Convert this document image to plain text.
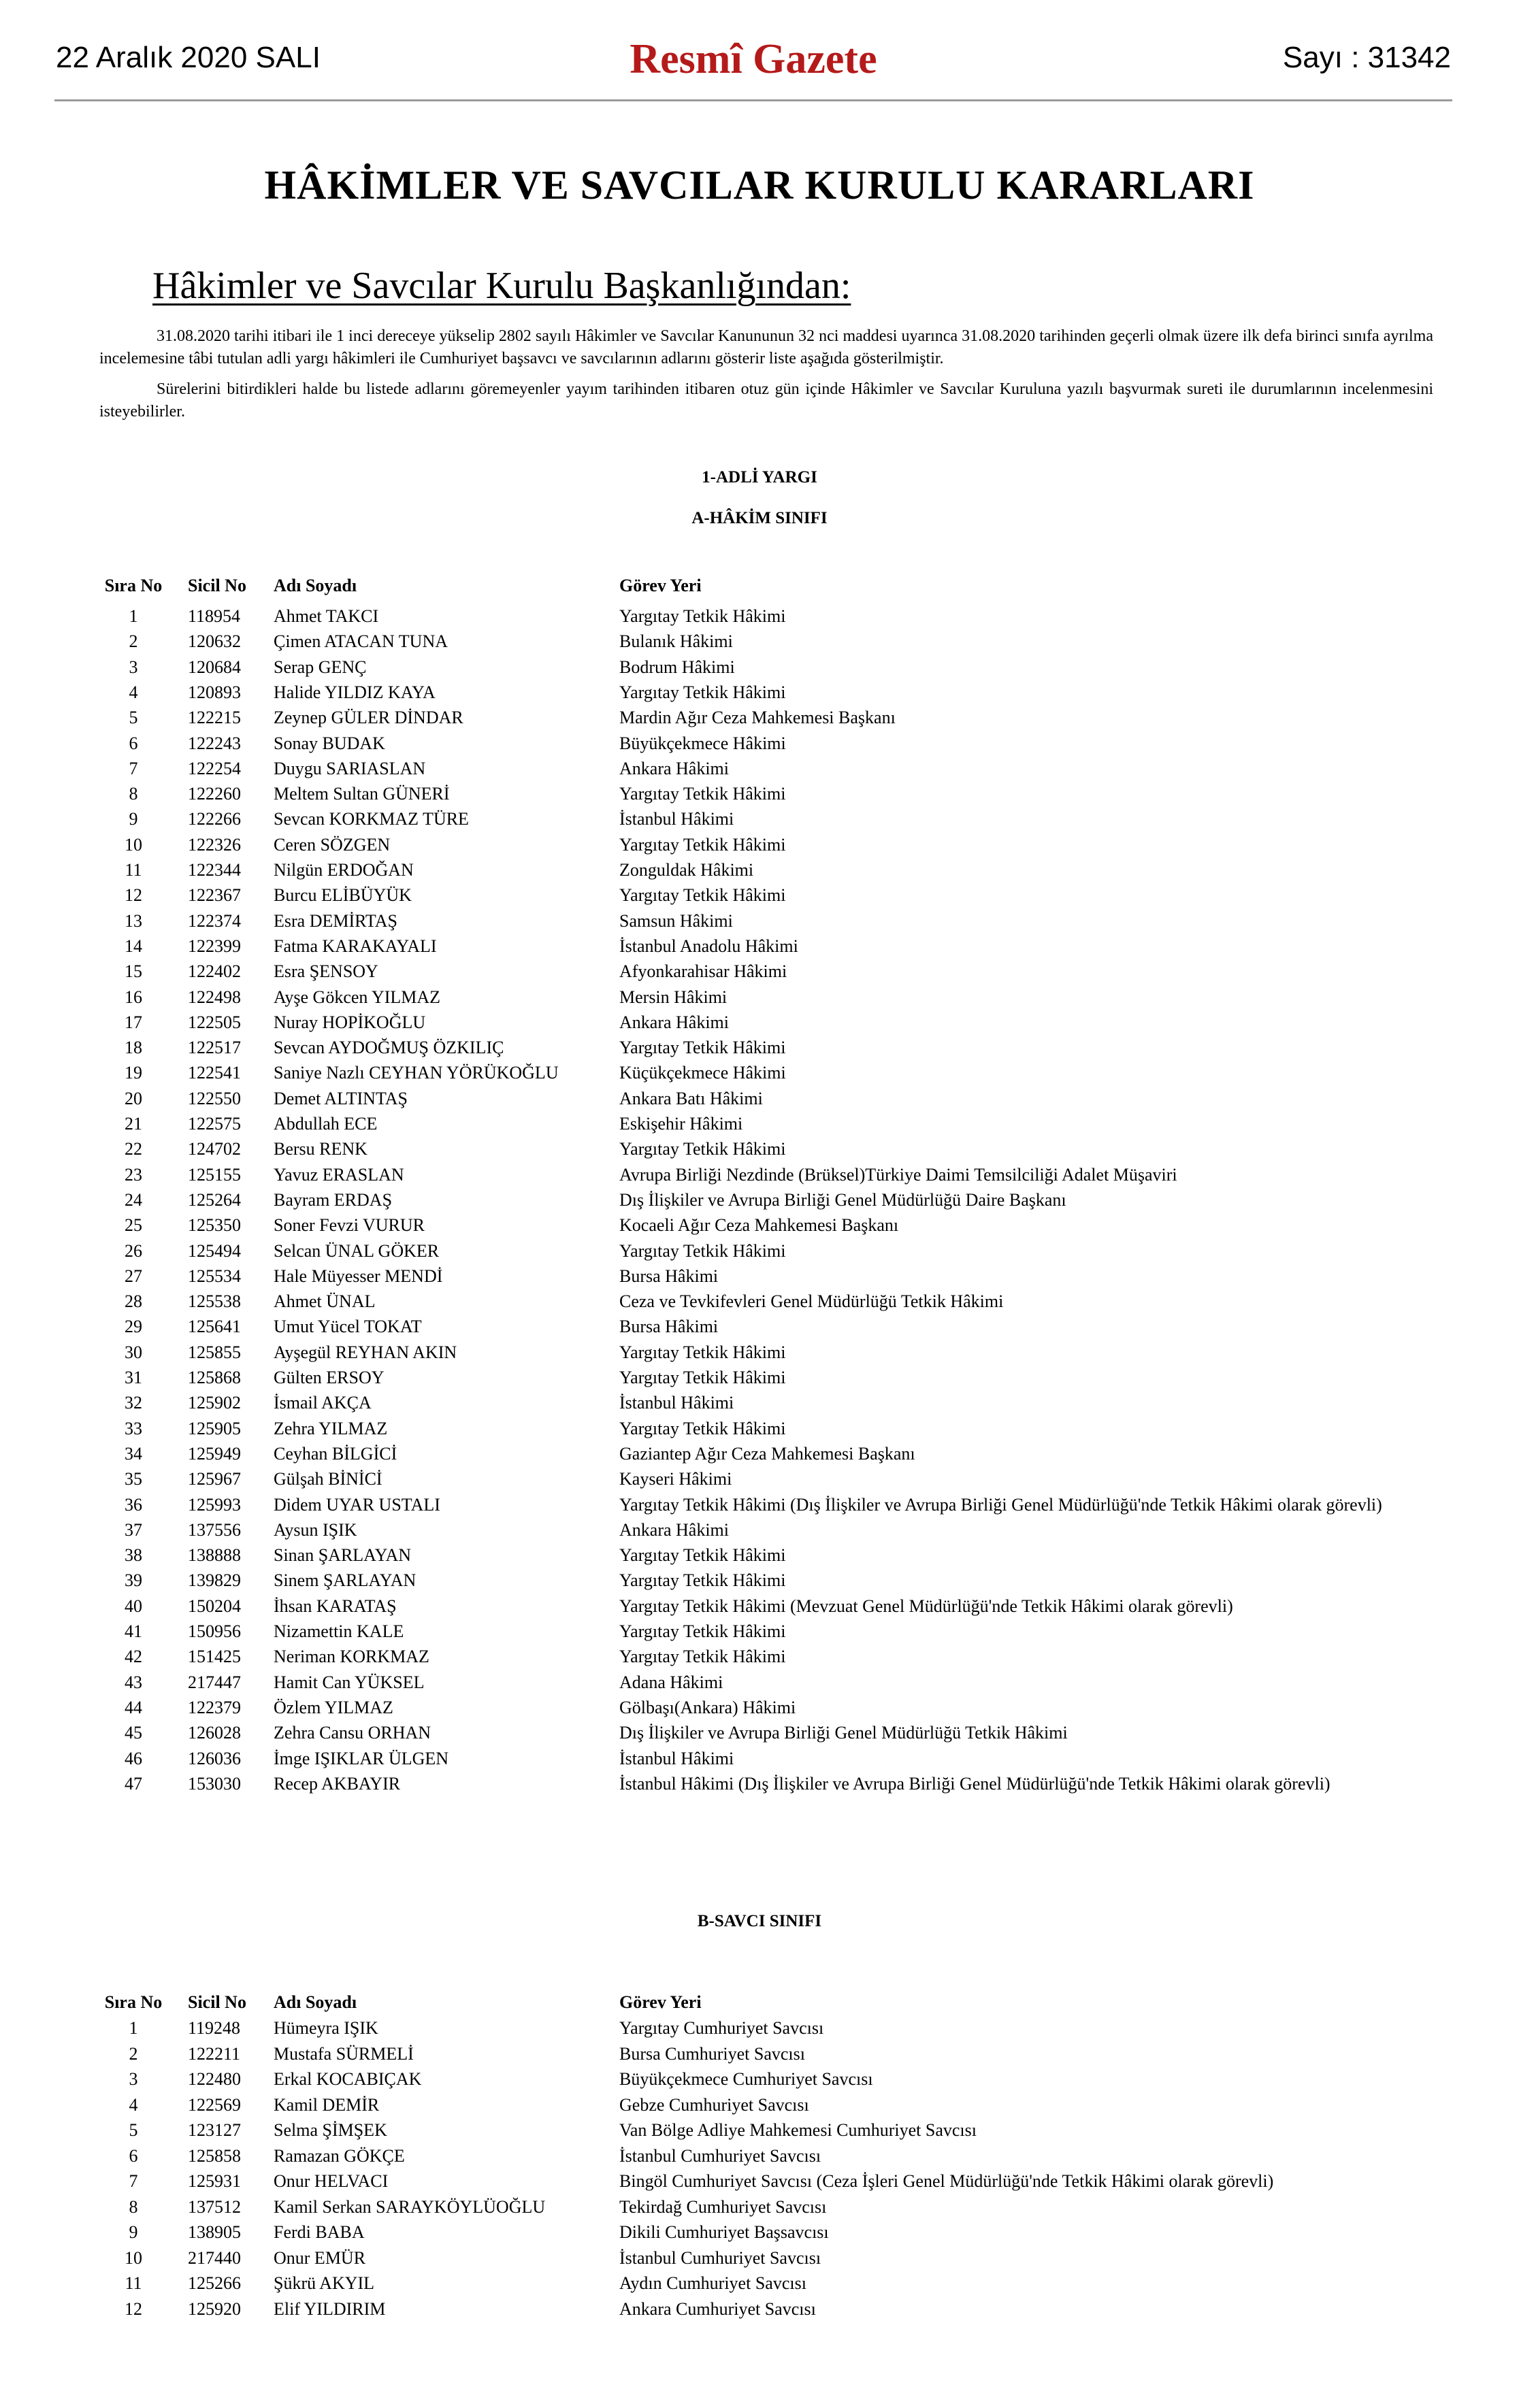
22 Aralık 2020 SALI	Resmî Gazete	Sayı : 31342
HÂKİMLER VE SAVCILAR KURULU KARARLARI
Hâkimler ve Savcılar Kurulu Başkanlığından:
31.08.2020 tarihi itibari ile 1 inci dereceye yükselip 2802 sayılı Hâkimler ve Savcılar Kanununun 32 nci maddesi uyarınca 31.08.2020 tarihinden geçerli olmak üzere ilk defa birinci sınıfa ayrılma incelemesine tâbi tutulan adli yargı hâkimleri ile Cumhuriyet başsavcı ve savcılarının adlarını gösterir liste aşağıda gösterilmiştir.
Sürelerini bitirdikleri halde bu listede adlarını göremeyenler yayım tarihinden itibaren otuz gün içinde Hâkimler ve Savcılar Kuruluna yazılı başvurmak sureti ile durumlarının incelenmesini isteyebilirler.
1-ADLİ YARGI
A-HÂKİM SINIFI
Sıra No Sicil No Adı Soyadı	Görev Yeri
1	118954 Ahmet TAKCI	Yargıtay Tetkik Hâkimi
2	120632 Çimen ATACAN TUNA	Bulanık Hâkimi
3	120684 Serap GENÇ	Bodrum Hâkimi
4	120893 Halide YILDIZ KAYA	Yargıtay Tetkik Hâkimi
5	122215 Zeynep GÜLER DİNDAR	Mardin Ağır Ceza Mahkemesi Başkanı
6	122243 Sonay BUDAK	Büyükçekmece Hâkimi
7	122254 Duygu SARIASLAN	Ankara Hâkimi
8	122260 Meltem Sultan GÜNERİ	Yargıtay Tetkik Hâkimi
9	122266 Sevcan KORKMAZ TÜRE	İstanbul Hâkimi
10	122326 Ceren SÖZGEN	Yargıtay Tetkik Hâkimi
11	122344 Nilgün ERDOĞAN	Zonguldak Hâkimi
12	122367 Burcu ELİBÜYÜK	Yargıtay Tetkik Hâkimi
13	122374 Esra DEMİRTAŞ	Samsun Hâkimi
14	122399 Fatma KARAKAYALI	İstanbul Anadolu Hâkimi
15	122402 Esra ŞENSOY	Afyonkarahisar Hâkimi
16	122498 Ayşe Gökcen YILMAZ	Mersin Hâkimi
17	122505 Nuray HOPİKOĞLU	Ankara Hâkimi
18	122517 Sevcan AYDOĞMUŞ ÖZKILIÇ	Yargıtay Tetkik Hâkimi
19	122541 Saniye Nazlı CEYHAN YÖRÜKOĞLU	Küçükçekmece Hâkimi
20	122550 Demet ALTINTAŞ	Ankara Batı Hâkimi
21	122575 Abdullah ECE	Eskişehir Hâkimi
22	124702 Bersu RENK	Yargıtay Tetkik Hâkimi
23	125155 Yavuz ERASLAN	Avrupa Birliği Nezdinde (Brüksel)Türkiye Daimi Temsilciliği Adalet Müşaviri
24	125264 Bayram ERDAŞ	Dış İlişkiler ve Avrupa Birliği Genel Müdürlüğü Daire Başkanı
25	125350 Soner Fevzi VURUR	Kocaeli Ağır Ceza Mahkemesi Başkanı
26	125494 Selcan ÜNAL GÖKER	Yargıtay Tetkik Hâkimi
27	125534 Hale Müyesser MENDİ	Bursa Hâkimi
28	125538 Ahmet ÜNAL	Ceza ve Tevkifevleri Genel Müdürlüğü Tetkik Hâkimi
29	125641 Umut Yücel TOKAT	Bursa Hâkimi
30	125855 Ayşegül REYHAN AKIN	Yargıtay Tetkik Hâkimi
31	125868 Gülten ERSOY	Yargıtay Tetkik Hâkimi
32	125902 İsmail AKÇA	İstanbul Hâkimi
33	125905 Zehra YILMAZ	Yargıtay Tetkik Hâkimi
34	125949 Ceyhan BİLGİCİ	Gaziantep Ağır Ceza Mahkemesi Başkanı
35	125967 Gülşah BİNİCİ	Kayseri Hâkimi
36	125993 Didem UYAR USTALI	Yargıtay Tetkik Hâkimi (Dış İlişkiler ve Avrupa Birliği Genel Müdürlüğü'nde Tetkik Hâkimi olarak görevli)
37	137556 Aysun IŞIK	Ankara Hâkimi
38	138888 Sinan ŞARLAYAN	Yargıtay Tetkik Hâkimi
39	139829 Sinem ŞARLAYAN	Yargıtay Tetkik Hâkimi
40	150204 İhsan KARATAŞ	Yargıtay Tetkik Hâkimi (Mevzuat Genel Müdürlüğü'nde Tetkik Hâkimi olarak görevli)
41	150956 Nizamettin KALE	Yargıtay Tetkik Hâkimi
42	151425 Neriman KORKMAZ	Yargıtay Tetkik Hâkimi
43	217447 Hamit Can YÜKSEL	Adana Hâkimi
44	122379 Özlem YILMAZ	Gölbaşı(Ankara) Hâkimi
45	126028 Zehra Cansu ORHAN	Dış İlişkiler ve Avrupa Birliği Genel Müdürlüğü Tetkik Hâkimi
46	126036 İmge IŞIKLAR ÜLGEN	İstanbul Hâkimi
47	153030 Recep AKBAYIR	İstanbul Hâkimi (Dış İlişkiler ve Avrupa Birliği Genel Müdürlüğü'nde Tetkik Hâkimi olarak görevli)
B-SAVCI SINIFI
Sıra No Sicil No Adı Soyadı	Görev Yeri
1	119248 Hümeyra IŞIK	Yargıtay Cumhuriyet Savcısı
2	122211 Mustafa SÜRMELİ	Bursa Cumhuriyet Savcısı
3	122480 Erkal KOCABIÇAK	Büyükçekmece Cumhuriyet Savcısı
4	122569 Kamil DEMİR	Gebze Cumhuriyet Savcısı
5	123127 Selma ŞİMŞEK	Van Bölge Adliye Mahkemesi Cumhuriyet Savcısı
6	125858 Ramazan GÖKÇE	İstanbul Cumhuriyet Savcısı
7	125931 Onur HELVACI	Bingöl Cumhuriyet Savcısı (Ceza İşleri Genel Müdürlüğü'nde Tetkik Hâkimi olarak görevli)
8	137512 Kamil Serkan SARAYKÖYLÜOĞLU	Tekirdağ Cumhuriyet Savcısı
9	138905 Ferdi BABA	Dikili Cumhuriyet Başsavcısı
10	217440 Onur EMÜR	İstanbul Cumhuriyet Savcısı
11	125266 Şükrü AKYIL	Aydın Cumhuriyet Savcısı
12	125920 Elif YILDIRIM	Ankara Cumhuriyet Savcısı
